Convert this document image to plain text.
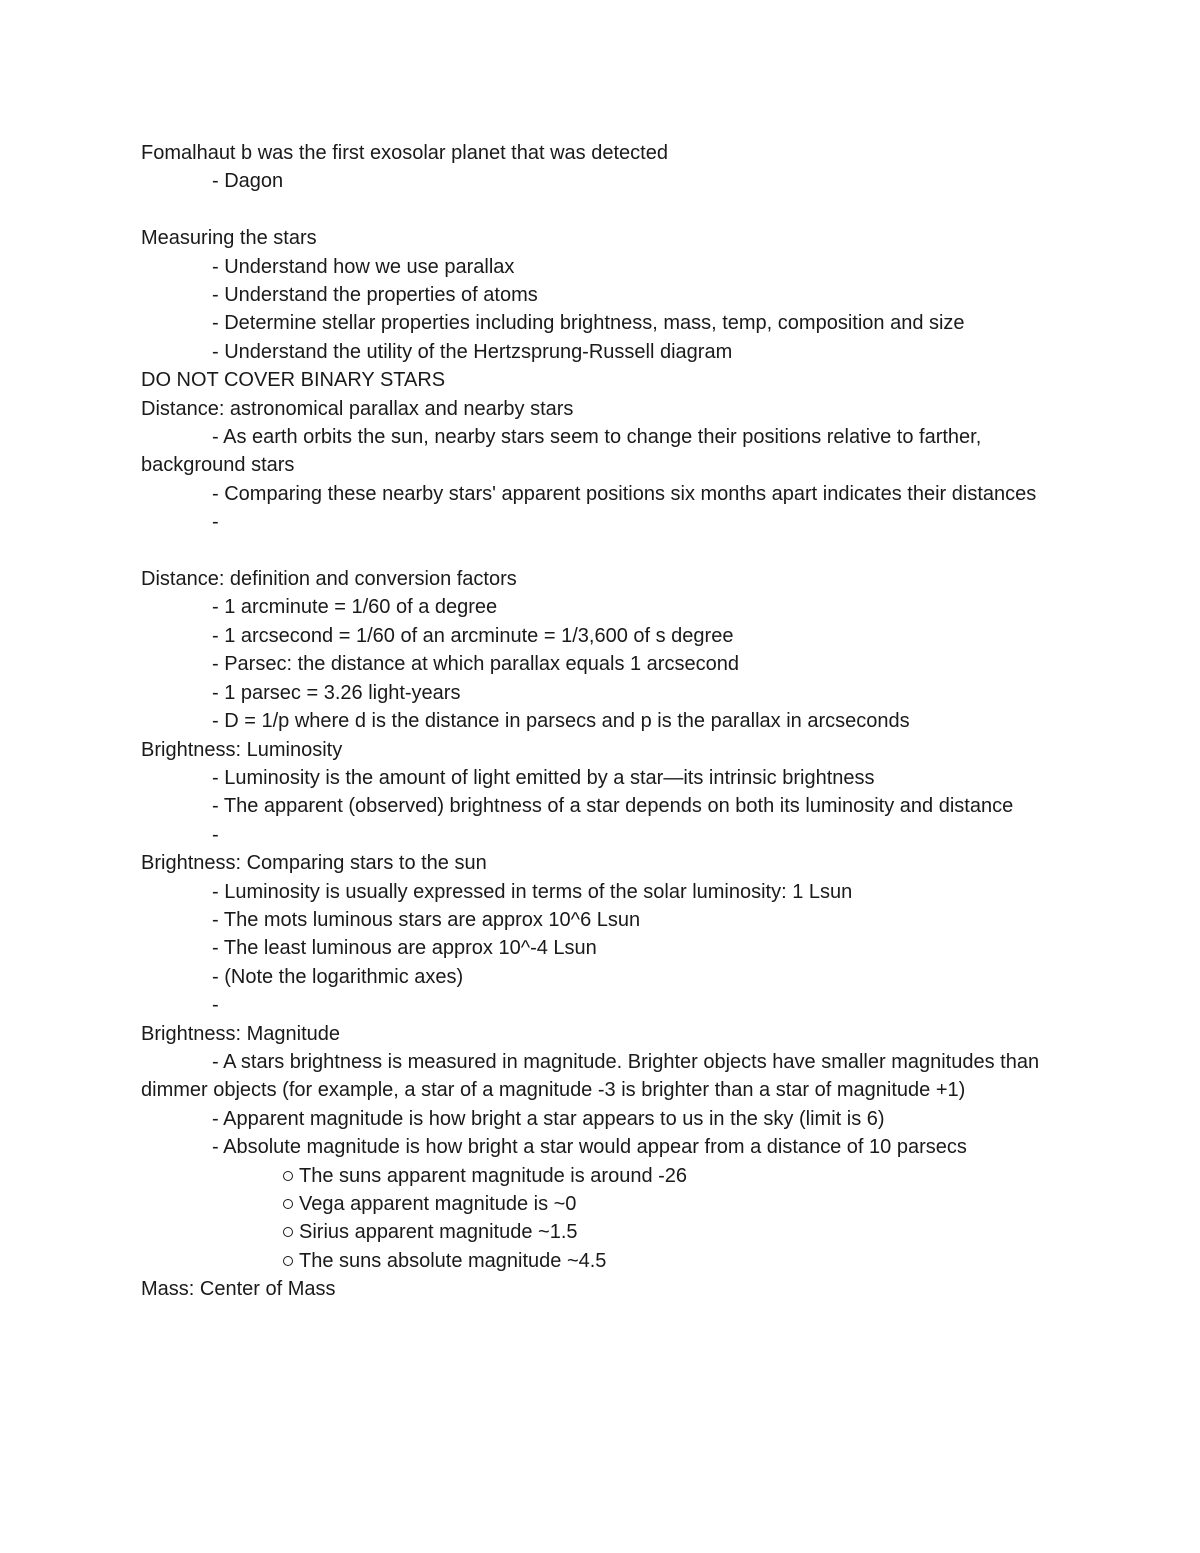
Fomalhaut b was the first exosolar planet that was detected
- Dagon
Measuring the stars
- Understand how we use parallax
- Understand the properties of atoms
- Determine stellar properties including brightness, mass, temp, composition and size
- Understand the utility of the Hertzsprung-Russell diagram
DO NOT COVER BINARY STARS
Distance: astronomical parallax and nearby stars
- As earth orbits the sun, nearby stars seem to change their positions relative to farther, background stars
- Comparing these nearby stars' apparent positions six months apart indicates their distances
-
Distance: definition and conversion factors
- 1 arcminute = 1/60 of a degree
- 1 arcsecond = 1/60 of an arcminute = 1/3,600 of s degree
- Parsec: the distance at which parallax equals 1 arcsecond
- 1 parsec = 3.26 light-years
- D = 1/p where d is the distance in parsecs and p is the parallax in arcseconds
Brightness: Luminosity
- Luminosity is the amount of light emitted by a star—its intrinsic brightness
- The apparent (observed) brightness of a star depends on both its luminosity and distance
-
Brightness: Comparing stars to the sun
- Luminosity is usually expressed in terms of the solar luminosity: 1 Lsun
- The mots luminous stars are approx 10^6 Lsun
- The least luminous are approx 10^-4 Lsun
- (Note the logarithmic axes)
-
Brightness: Magnitude
- A stars brightness is measured in magnitude. Brighter objects have smaller magnitudes than dimmer objects (for example, a star of a magnitude -3 is brighter than a star of magnitude +1)
- Apparent magnitude is how bright a star appears to us in the sky (limit is 6)
- Absolute magnitude is how bright a star would appear from a distance of 10 parsecs
The suns apparent magnitude is around -26
Vega apparent magnitude is ~0
Sirius apparent magnitude ~1.5
The suns absolute magnitude ~4.5
Mass: Center of Mass
